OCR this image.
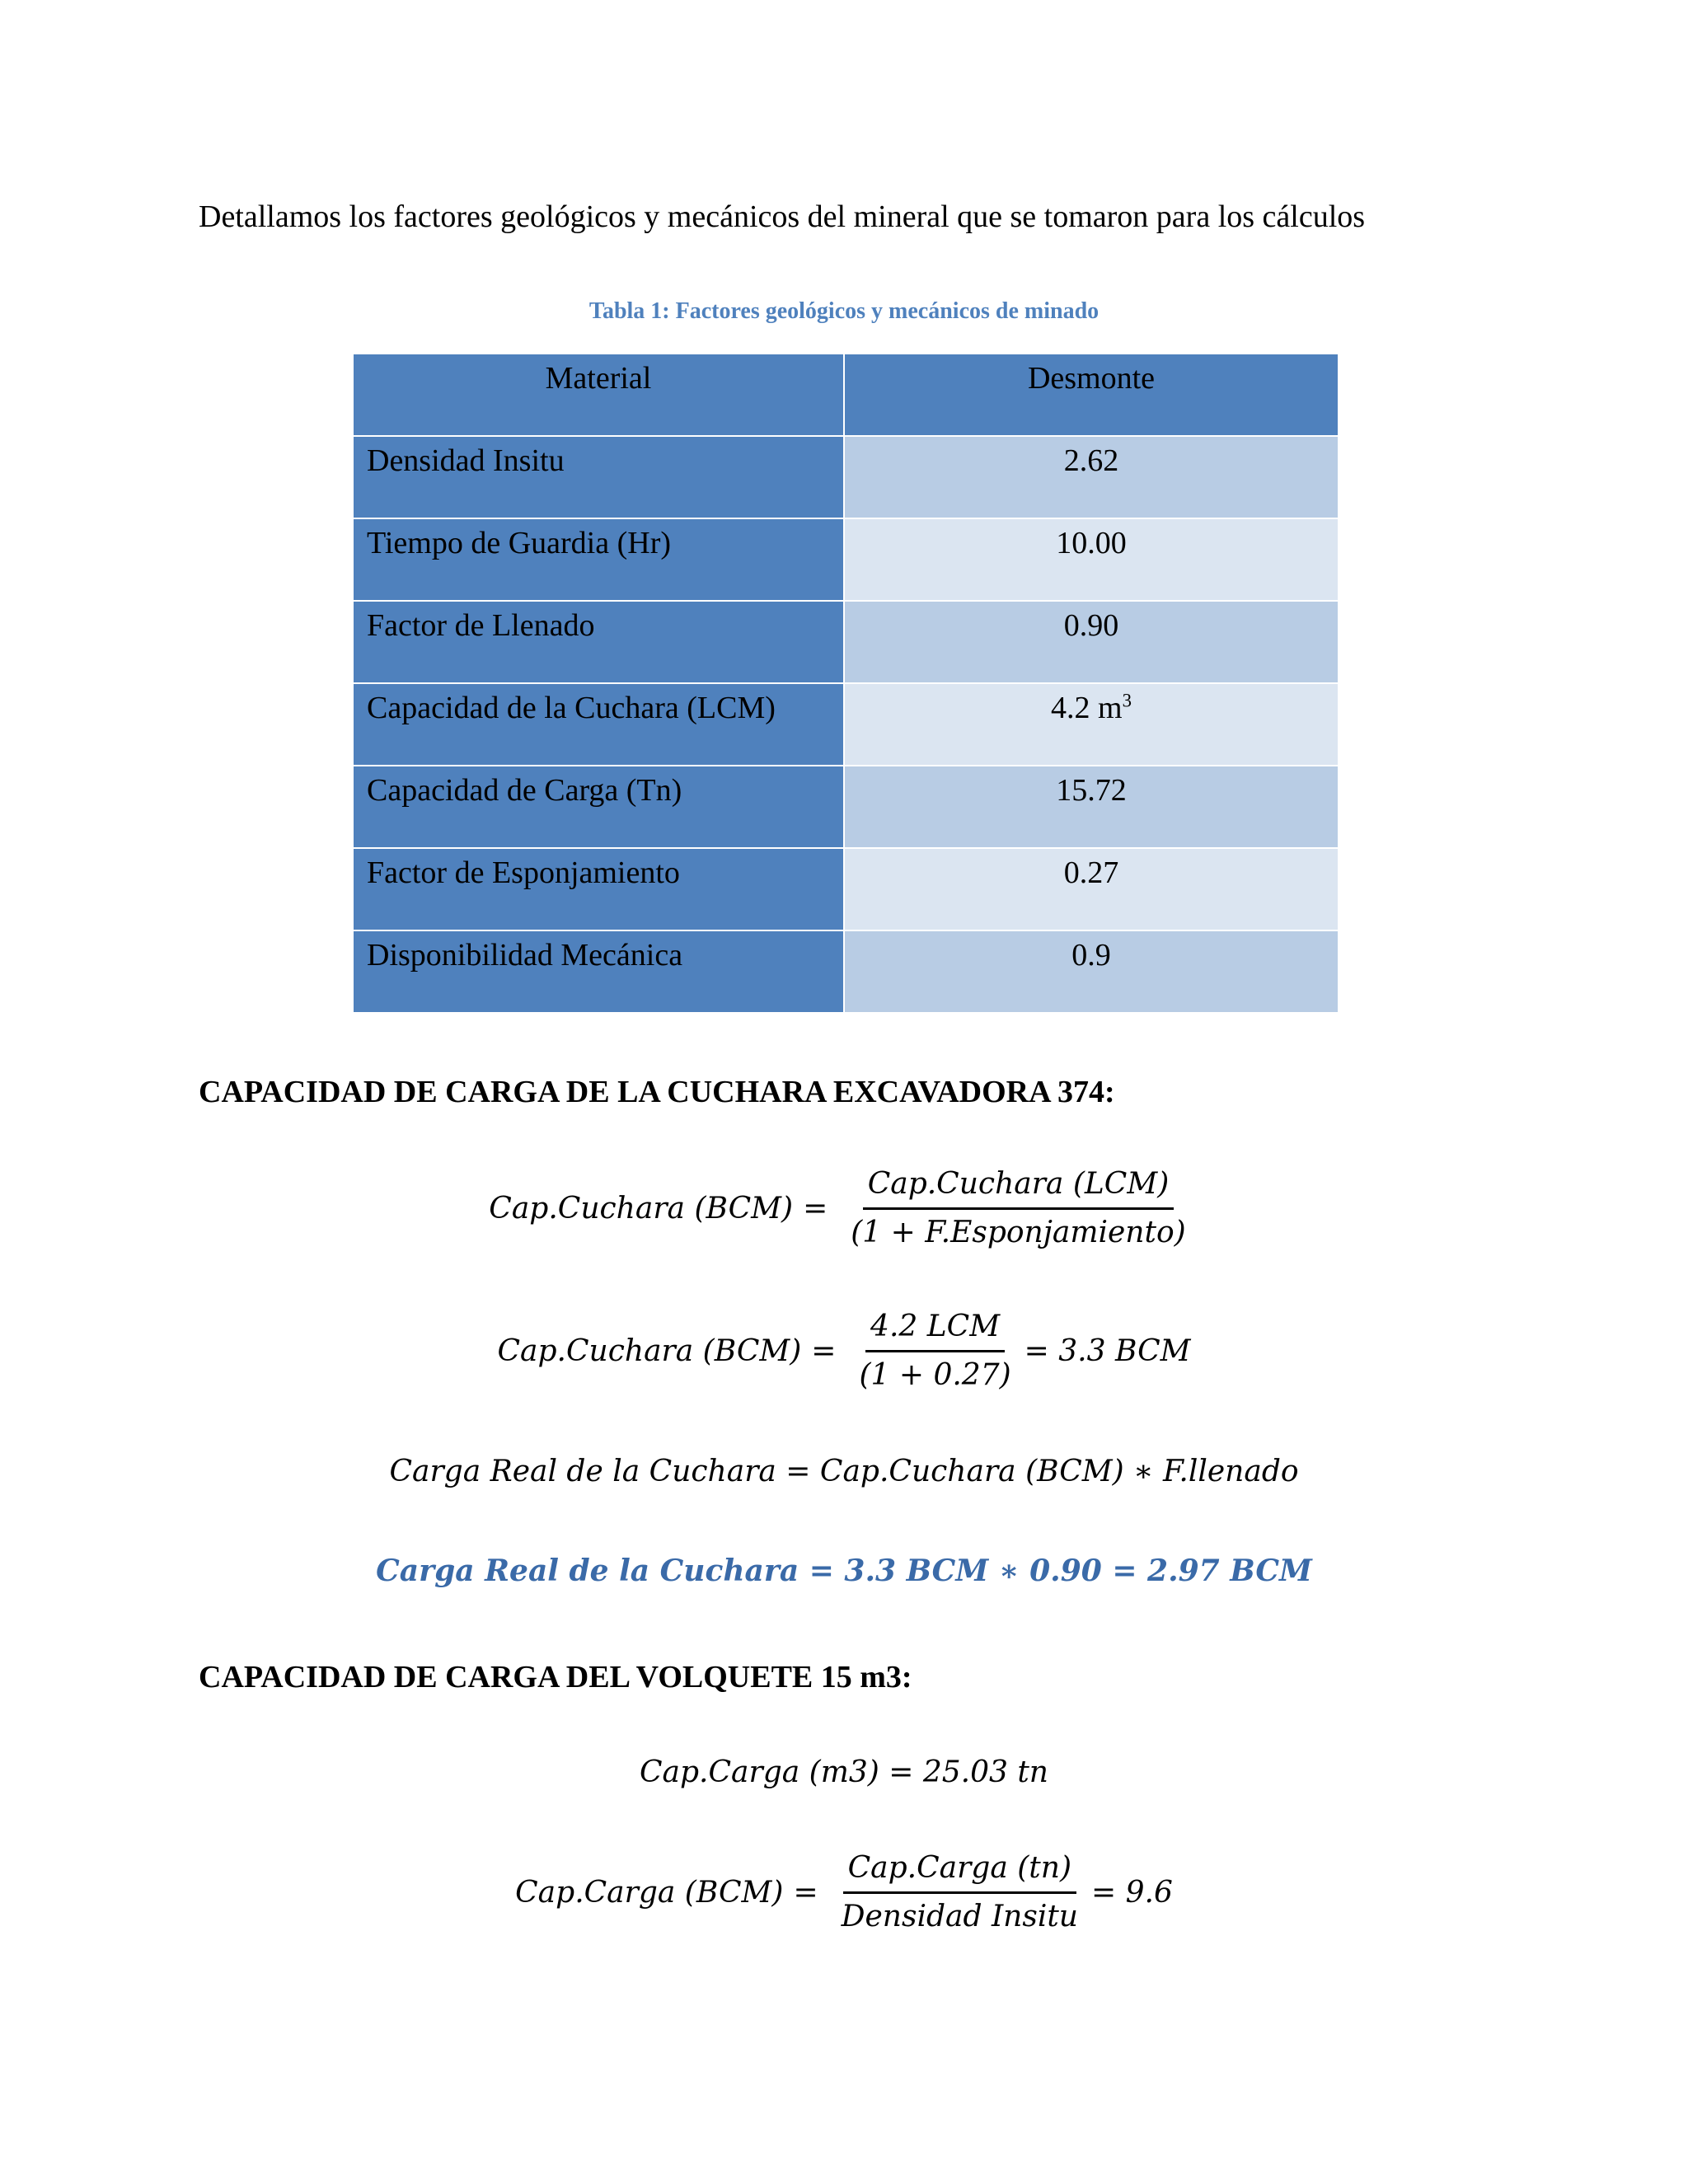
Detallamos los factores geológicos y mecánicos del mineral que se tomaron para los cálculos
Tabla 1: Factores geológicos y mecánicos de minado
Material	Desmonte
Densidad Insitu	2.62
Tiempo de Guardia (Hr)	10.00
Factor de Llenado	0.90
Capacidad de la Cuchara (LCM)	4.2 $m^3$
Capacidad de Carga (Tn)	15.72
Factor de Esponjamiento	0.27
Disponibilidad Mecánica	0.9
CAPACIDAD DE CARGA DE LA CUCHARA EXCAVADORA 374:
Cap.Cuchara $(BCM) = \frac{\text{Cap.Cuchara (LCM)}}{\text{(1 + F.Esponjamiento)}}$
Cap.Cuchara $(BCM) = \frac{\text{4.2 LCM}}{(1 + 0.27)} = 3.3$ BCM
Carga Real de la Cuchara = Cap.Cuchara (BCM) ∗ F.llenado
Carga Real de la Cuchara = 3.3 BCM ∗ 0.90 = 2.97 BCM
CAPACIDAD DE CARGA DEL VOLQUETE 15 m3:
Cap.Carga (m3) = 25.03 tn
Cap.Carga $(BCM) = \frac{\text{Cap.Carga (tn)}}{\text{Densidad Insitu}} = 9.6$
